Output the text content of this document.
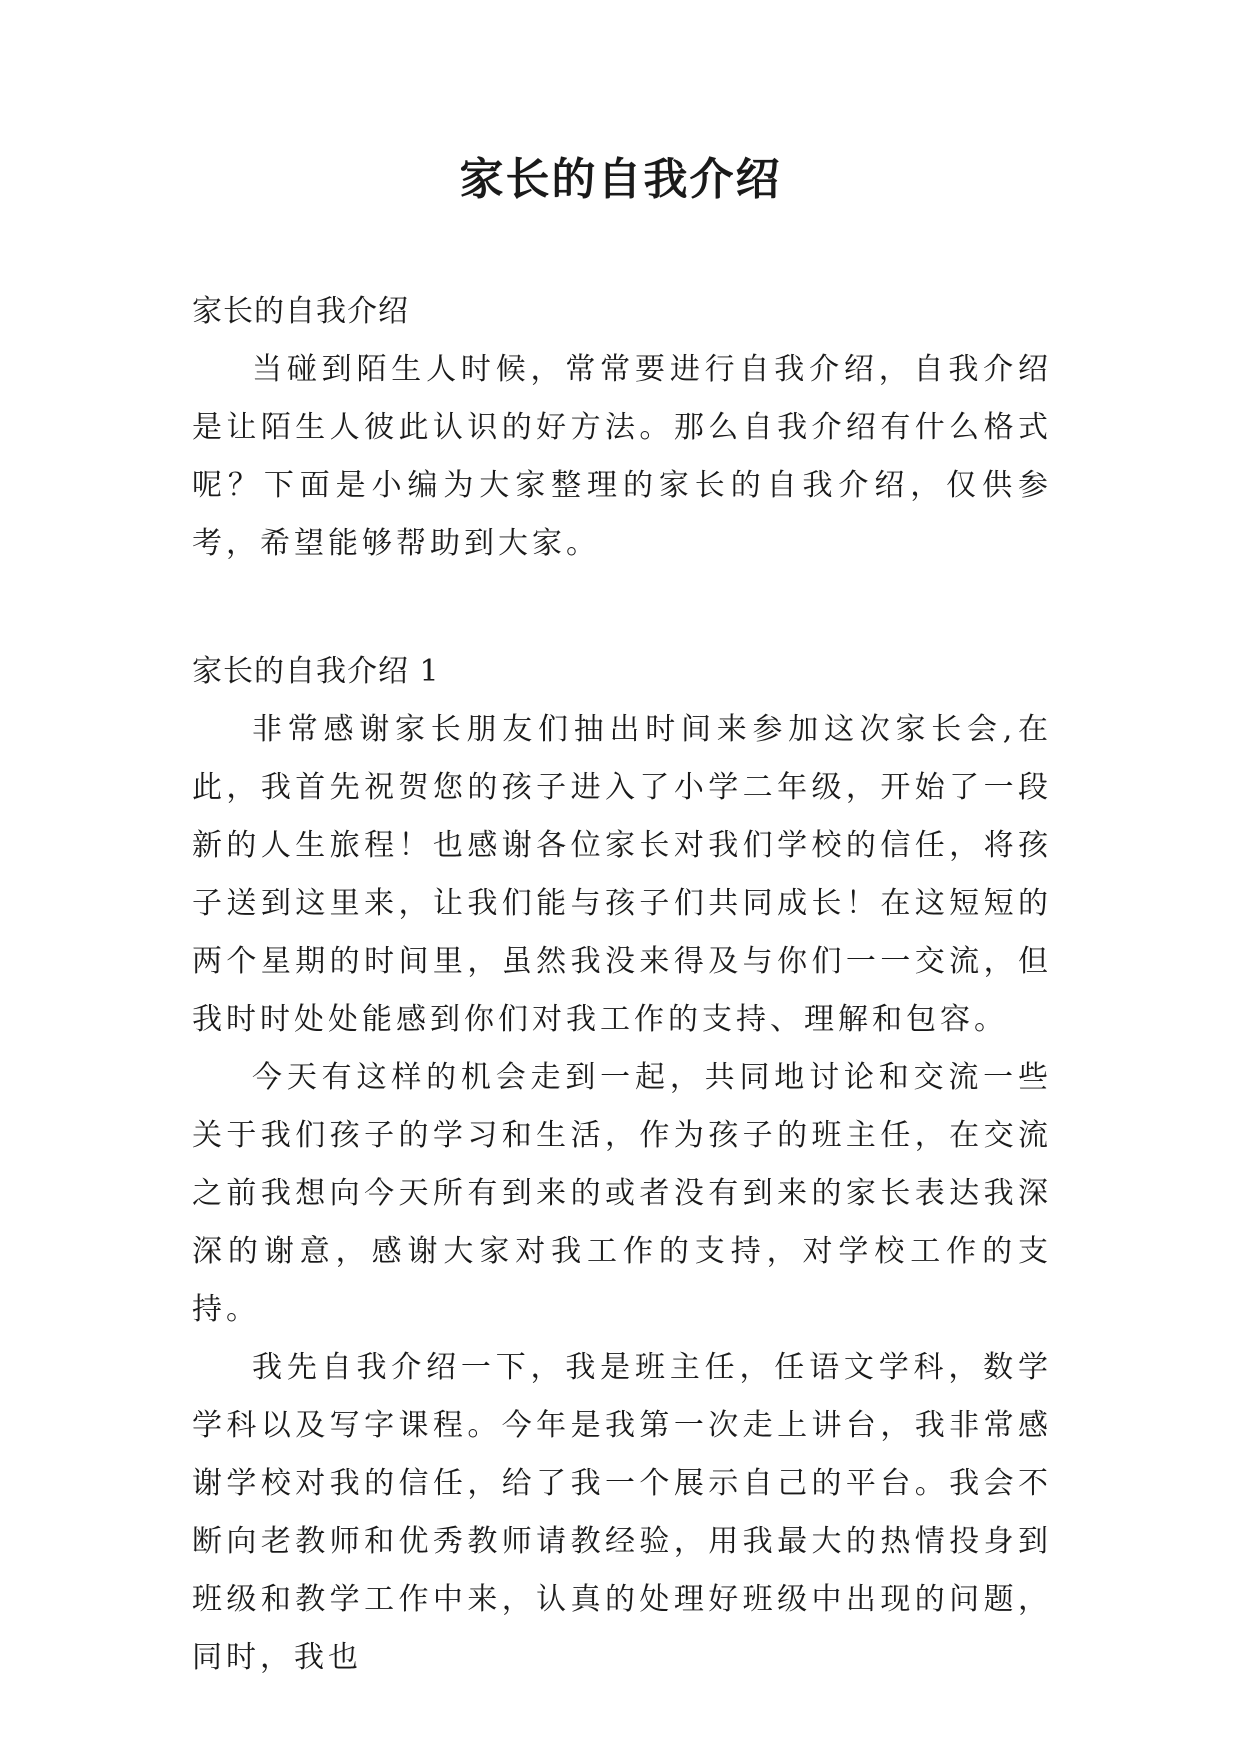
家长的自我介绍
家长的自我介绍

当碰到陌生人时候，常常要进行自我介绍，自我介绍是让陌生人彼此认识的好方法。那么自我介绍有什么格式呢？下面是小编为大家整理的家长的自我介绍，仅供参考，希望能够帮助到大家。

家长的自我介绍 1

非常感谢家长朋友们抽出时间来参加这次家长会,在此，我首先祝贺您的孩子进入了小学二年级，开始了一段新的人生旅程！也感谢各位家长对我们学校的信任，将孩子送到这里来，让我们能与孩子们共同成长！在这短短的两个星期的时间里，虽然我没来得及与你们一一交流，但我时时处处能感到你们对我工作的支持、理解和包容。

今天有这样的机会走到一起，共同地讨论和交流一些关于我们孩子的学习和生活，作为孩子的班主任，在交流之前我想向今天所有到来的或者没有到来的家长表达我深深的谢意，感谢大家对我工作的支持，对学校工作的支持。

我先自我介绍一下，我是班主任，任语文学科，数学学科以及写字课程。今年是我第一次走上讲台，我非常感谢学校对我的信任，给了我一个展示自己的平台。我会不断向老教师和优秀教师请教经验，用我最大的热情投身到班级和教学工作中来，认真的处理好班级中出现的问题，同时，我也
